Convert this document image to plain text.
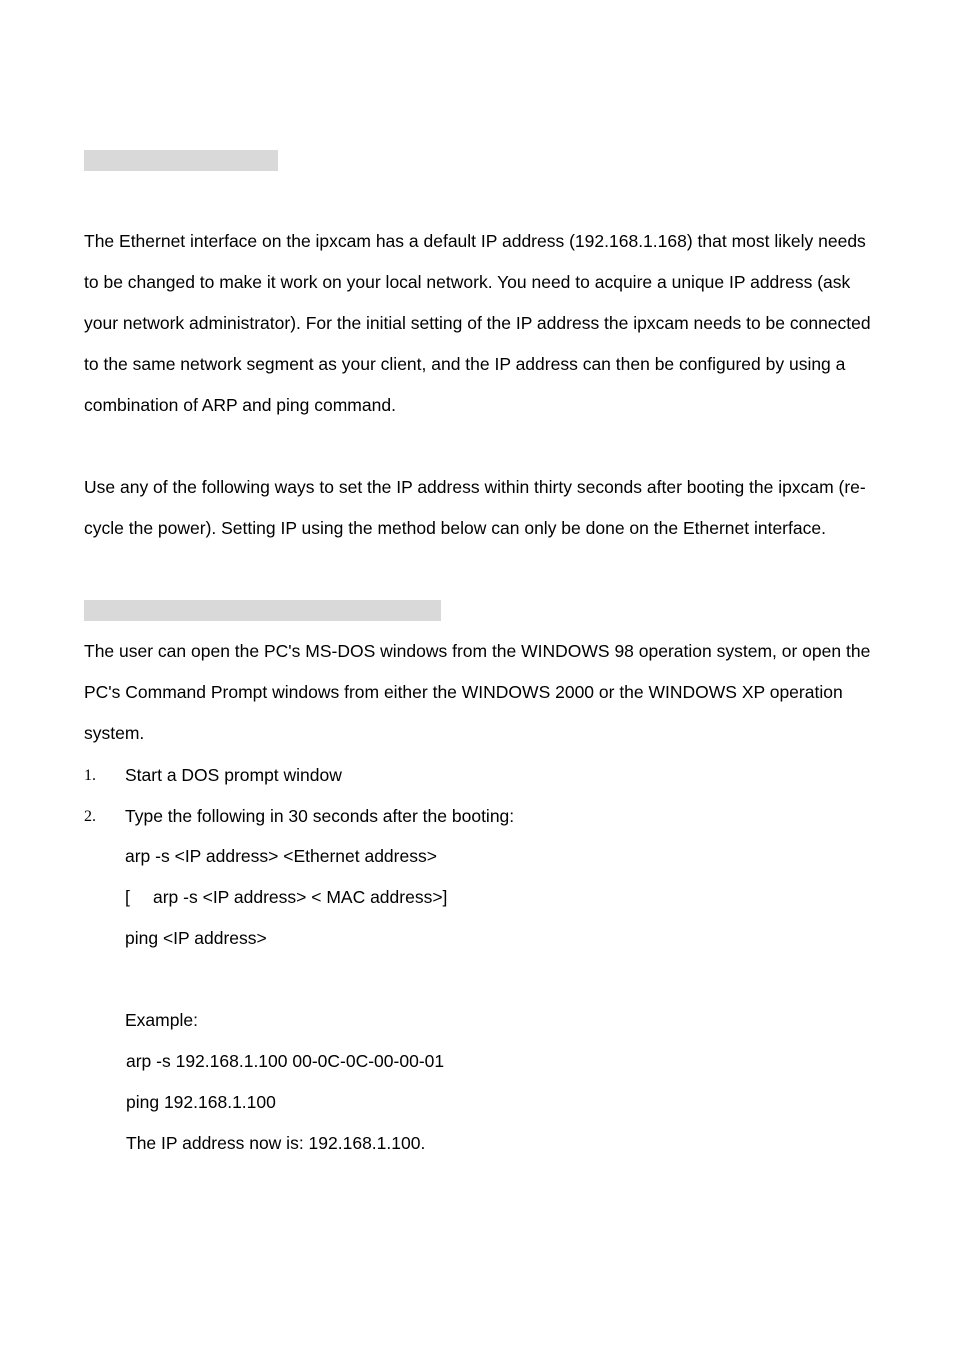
The Ethernet interface on the ipxcam has a default IP address (192.168.1.168) that most likely needs to be changed to make it work on your local network. You need to acquire a unique IP address (ask your network administrator). For the initial setting of the IP address the ipxcam needs to be connected to the same network segment as your client, and the IP address can then be configured by using a combination of ARP and ping command.

Use any of the following ways to set the IP address within thirty seconds after booting the ipxcam (re-cycle the power). Setting IP using the method below can only be done on the Ethernet interface.

The user can open the PC's MS-DOS windows from the WINDOWS 98 operation system, or open the PC's Command Prompt windows from either the WINDOWS 2000 or the WINDOWS XP operation system.

1. Start a DOS prompt window
2. Type the following in 30 seconds after the booting:
arp -s <IP address> <Ethernet address>
[ arp -s <IP address> < MAC address>]
ping <IP address>
Example:
arp -s 192.168.1.100 00-0C-0C-00-00-01
ping 192.168.1.100
The IP address now is: 192.168.1.100.
